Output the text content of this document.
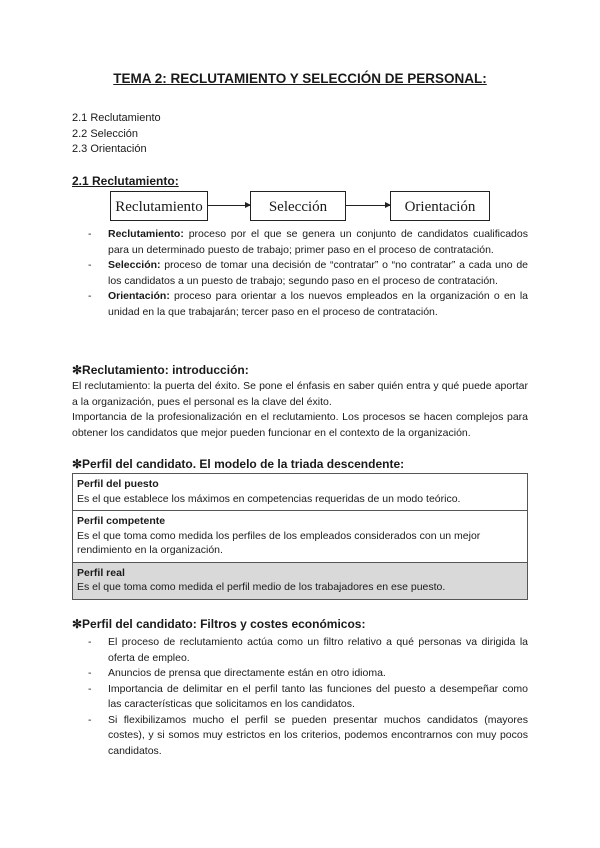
TEMA 2: RECLUTAMIENTO Y SELECCIÓN DE PERSONAL:
2.1 Reclutamiento
2.2 Selección
2.3 Orientación
2.1 Reclutamiento:
Reclutamiento	Selección	Orientación
- Reclutamiento: proceso por el que se genera un conjunto de candidatos cualificados para un determinado puesto de trabajo; primer paso en el proceso de contratación.
- Selección: proceso de tomar una decisión de “contratar” o “no contratar” a cada uno de los candidatos a un puesto de trabajo; segundo paso en el proceso de contratación.
- Orientación: proceso para orientar a los nuevos empleados en la organización o en la unidad en la que trabajarán; tercer paso en el proceso de contratación.
✻Reclutamiento: introducción:
El reclutamiento: la puerta del éxito. Se pone el énfasis en saber quién entra y qué puede aportar a la organización, pues el personal es la clave del éxito.
Importancia de la profesionalización en el reclutamiento. Los procesos se hacen complejos para obtener los candidatos que mejor pueden funcionar en el contexto de la organización.
✻Perfil del candidato. El modelo de la triada descendente:
Perfil del puesto
Es el que establece los máximos en competencias requeridas de un modo teórico.
Perfil competente
Es el que toma como medida los perfiles de los empleados considerados con un mejor rendimiento en la organización.
Perfil real
Es el que toma como medida el perfil medio de los trabajadores en ese puesto.
✻Perfil del candidato: Filtros y costes económicos:
- El proceso de reclutamiento actúa como un filtro relativo a qué personas va dirigida la oferta de empleo.
- Anuncios de prensa que directamente están en otro idioma.
- Importancia de delimitar en el perfil tanto las funciones del puesto a desempeñar como las características que solicitamos en los candidatos.
- Si flexibilizamos mucho el perfil se pueden presentar muchos candidatos (mayores costes), y si somos muy estrictos en los criterios, podemos encontrarnos con muy pocos candidatos.
